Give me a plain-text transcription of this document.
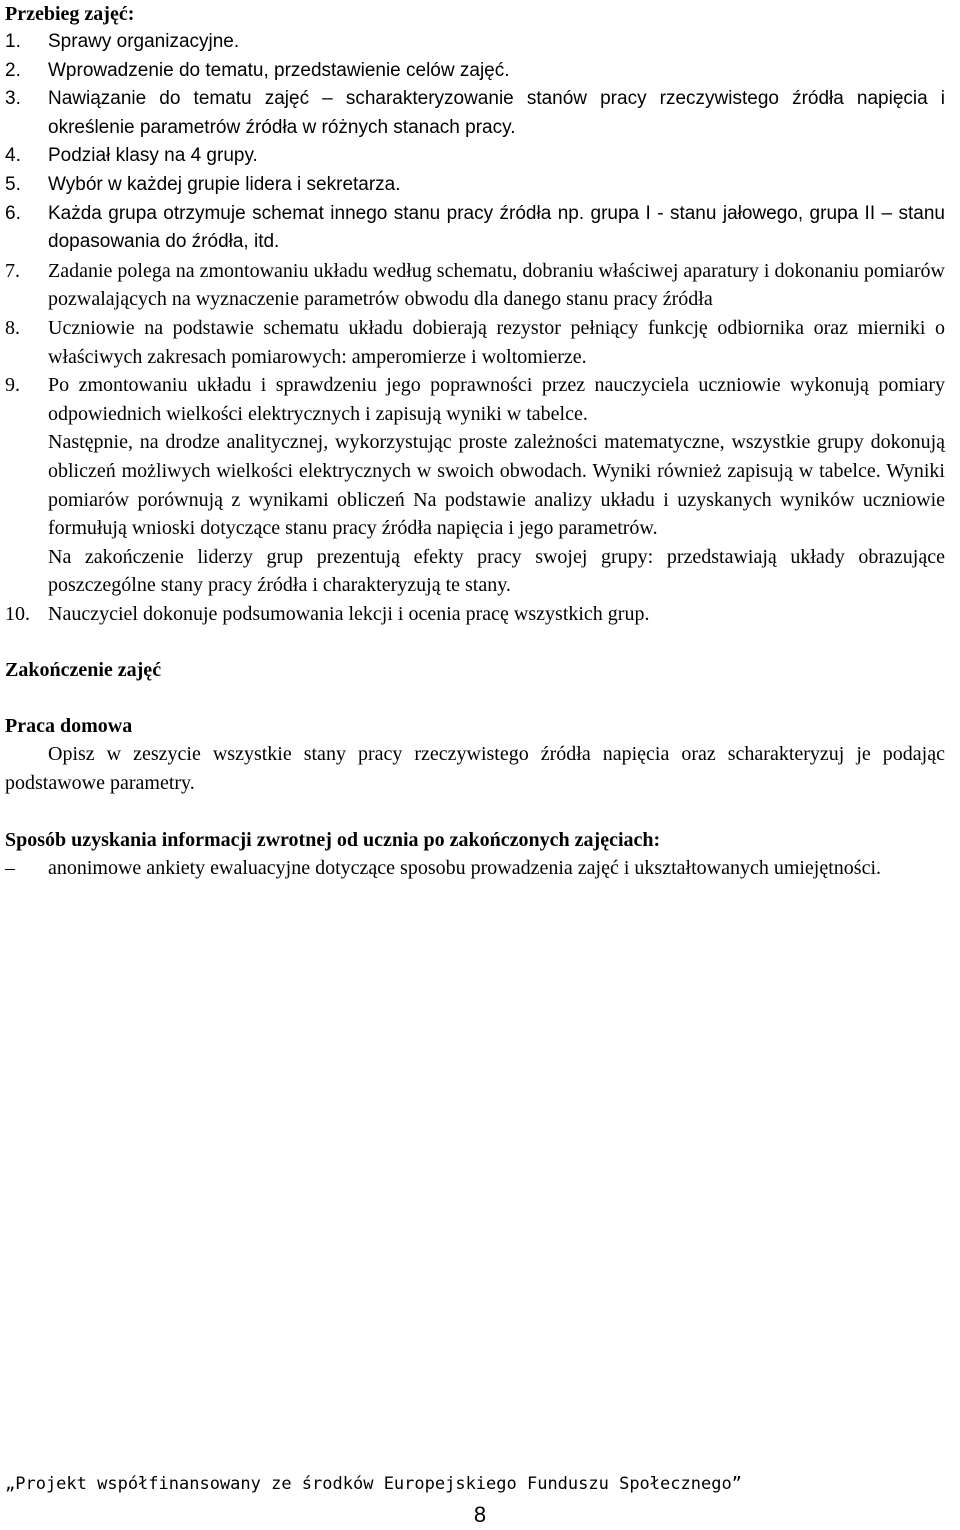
Przebieg zajęć:

1.	Sprawy organizacyjne.
2.	Wprowadzenie do tematu, przedstawienie celów zajęć.
3.	Nawiązanie do tematu zajęć – scharakteryzowanie stanów pracy rzeczywistego źródła napięcia i określenie parametrów źródła w różnych stanach pracy.
4.	Podział klasy na 4 grupy.
5.	Wybór w każdej grupie lidera i sekretarza.
6.	Każda grupa otrzymuje schemat innego stanu pracy źródła np. grupa I - stanu jałowego, grupa II – stanu dopasowania do źródła, itd.
7.	Zadanie polega na zmontowaniu układu według schematu, dobraniu właściwej aparatury i dokonaniu pomiarów pozwalających na wyznaczenie parametrów obwodu dla danego stanu pracy źródła
8.	Uczniowie na podstawie schematu układu dobierają rezystor pełniący funkcję odbiornika oraz mierniki o właściwych zakresach pomiarowych: amperomierze i woltomierze.
9.	Po zmontowaniu układu i sprawdzeniu jego poprawności przez nauczyciela uczniowie wykonują pomiary odpowiednich wielkości elektrycznych i zapisują wyniki w tabelce.
Następnie, na drodze analitycznej, wykorzystując proste zależności matematyczne, wszystkie grupy dokonują obliczeń możliwych wielkości elektrycznych w swoich obwodach. Wyniki również zapisują w tabelce. Wyniki pomiarów porównują z wynikami obliczeń Na podstawie analizy układu i uzyskanych wyników uczniowie formułują wnioski dotyczące stanu pracy źródła napięcia i jego parametrów.
Na zakończenie liderzy grup prezentują efekty pracy swojej grupy: przedstawiają układy obrazujące poszczególne stany pracy źródła i charakteryzują te stany.
10. Nauczyciel dokonuje podsumowania lekcji i ocenia pracę wszystkich grup.

Zakończenie zajęć

Praca domowa

Opisz w zeszycie wszystkie stany pracy rzeczywistego źródła napięcia oraz scharakteryzuj je podając podstawowe parametry.

Sposób uzyskania informacji zwrotnej od ucznia po zakończonych zajęciach:

–	anonimowe ankiety ewaluacyjne dotyczące sposobu prowadzenia zajęć i ukształtowanych umiejętności.
„Projekt współfinansowany ze środków Europejskiego Funduszu Społecznego”
8
